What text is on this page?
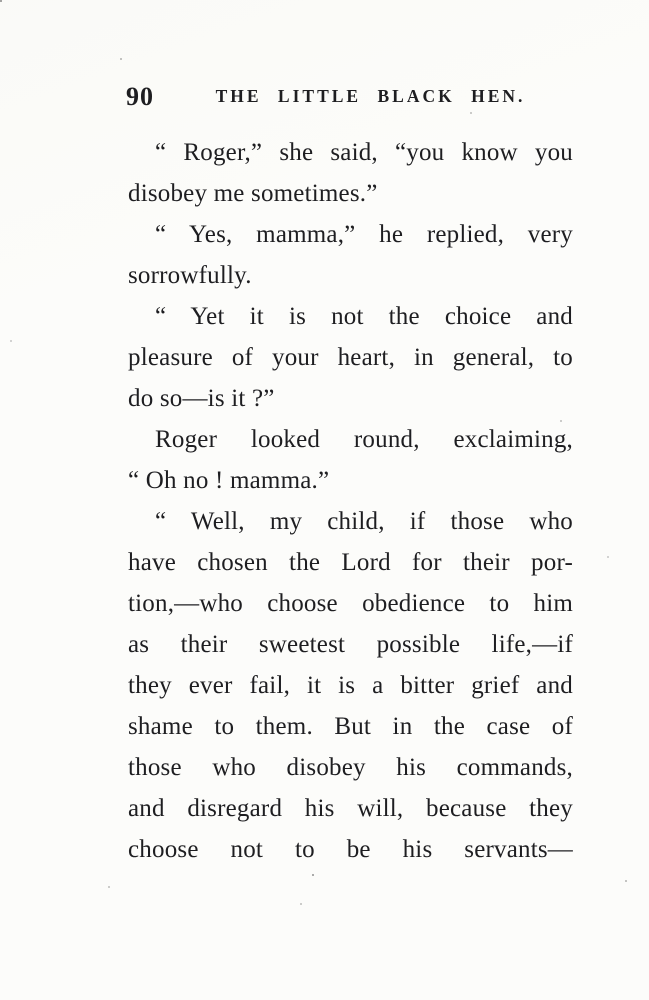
90	THE LITTLE BLACK HEN.
“ Roger,” she said, “you know you
disobey me sometimes.”
“ Yes, mamma,” he replied, very
sorrowfully.
“ Yet it is not the choice and
pleasure of your heart, in general, to
do so—is it ?”
Roger looked round, exclaiming,
“ Oh no ! mamma.”
“ Well, my child, if those who
have chosen the Lord for their por-
tion,—who choose obedience to him
as their sweetest possible life,—if
they ever fail, it is a bitter grief and
shame to them. But in the case of
those who disobey his commands,
and disregard his will, because they
choose not to be his servants—
